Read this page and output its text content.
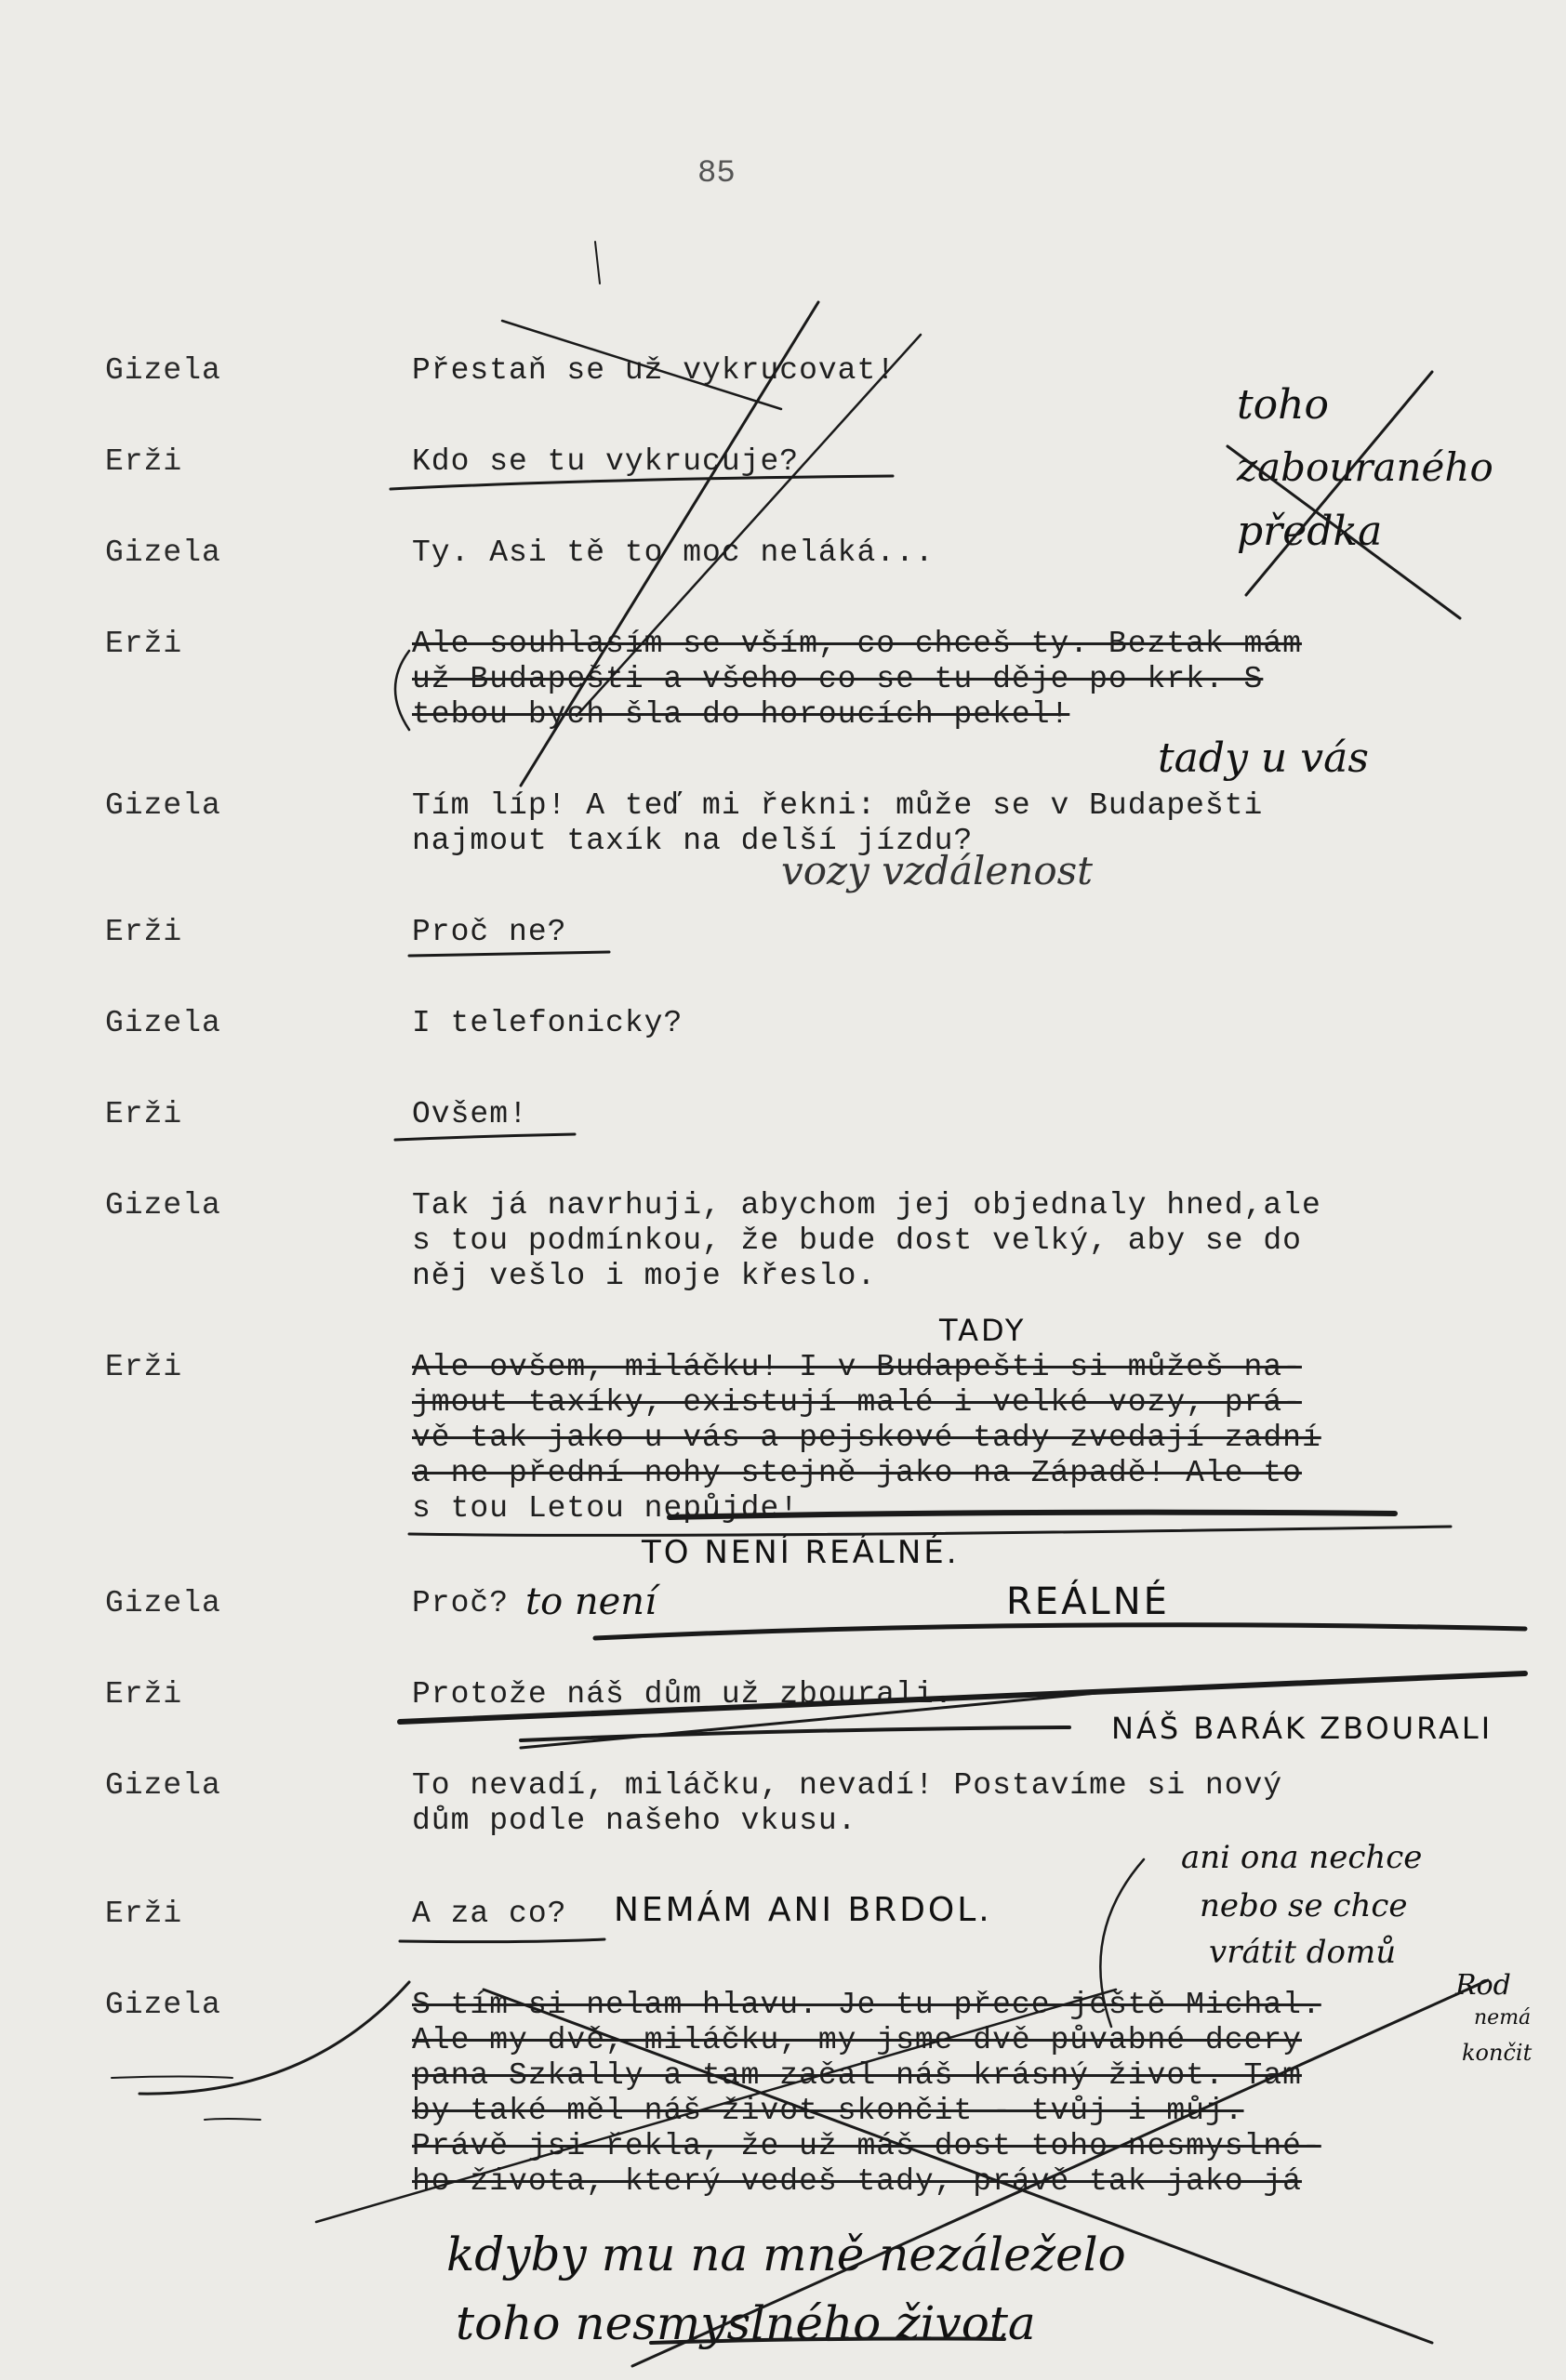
85
Gizela	Přestaň se už vykrucovat!
Erži	Kdo se tu vykrucuje?
Gizela	Ty. Asi tě to moc neláká...
Erži	Ale souhlasím se vším, co chceš ty. Beztak mám
už Budapešti a všeho co se tu děje po krk. S
tebou bych šla do horoucích pekel!
Gizela	Tím líp! A teď mi řekni: může se v Budapešti
najmout taxík na delší jízdu?
Erži	Proč ne?
Gizela	I telefonicky?
Erži	Ovšem!
Gizela	Tak já navrhuji, abychom jej objednaly hned,ale
s tou podmínkou, že bude dost velký, aby se do
něj vešlo i moje křeslo.
Erži	Ale ovšem, miláčku! I v Budapešti si můžeš na-
jmout taxíky, existují malé i velké vozy, prá-
vě tak jako u vás a pejskové tady zvedají zadní
a ne přední nohy stejně jako na Západě! Ale to
s tou Letou nepůjde!
Gizela	Proč?
Erži	Protože náš dům už zbourali.
Gizela	To nevadí, miláčku, nevadí! Postavíme si nový
dům podle našeho vkusu.
Erži	A za co?
Gizela	S tím si nelam hlavu. Je tu přece ještě Michal.
Ale my dvě, miláčku, my jsme dvě půvabné dcery
pana Szkally a tam začal náš krásný život. Tam
by také měl náš život skončit - tvůj i můj.
Právě jsi řekla, že už máš dost toho nesmyslné-
ho života, který vedeš tady, právě tak jako já
toho
zabouraného
předka
tady u vás
vozy vzdálenost
TADY
TO NENÍ REÁLNÉ.
to není	REÁLNÉ
NÁŠ BARÁK ZBOURALI
NEMÁM ANI BRDOL.
ani ona nechce
nebo se chce
vrátit domů
Rod
nemá
končit
kdyby mu na mně nezáleželo
toho nesmyslného života
